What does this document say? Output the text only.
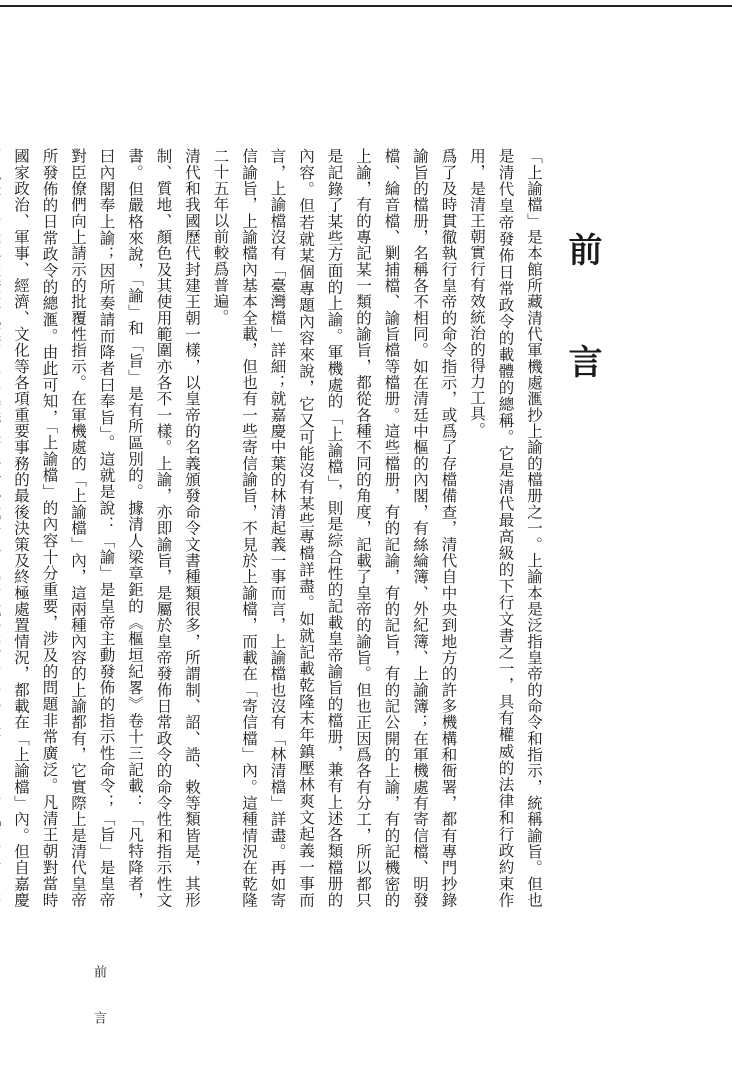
前　言

「上諭檔」是本館所藏清代軍機處滙抄上諭的檔册之一。上諭本是泛指皇帝的命令和指示，統稱諭旨。但也是清代皇帝發佈日常政令的載體的總稱。它是清代最高級的下行文書之一，具有權威的法律和行政約束作用，是清王朝實行有效統治的得力工具。

爲了及時貫徹執行皇帝的命令指示，或爲了存檔備查，清代自中央到地方的許多機構和衙署，都有專門抄錄諭旨的檔册，名稱各不相同。如在清廷中樞的內閣，有絲綸簿、外紀簿、上諭簿；在軍機處有寄信檔、明發檔、綸音檔、剿捕檔、諭旨檔等檔册。這些檔册，有的記諭，有的記旨，有的記公開的上諭，有的記機密的上諭，有的專記某一類的諭旨，都從各種不同的角度，記載了皇帝的諭旨。但也正因爲各有分工，所以都只是記錄了某些方面的上諭。軍機處的「上諭檔」，則是綜合性的記載皇帝諭旨的檔册，兼有上述各類檔册的內容。但若就某個專題內容來說，它又可能沒有某些專檔詳盡。如就記載乾隆末年鎮壓林爽文起義一事而言，上諭檔沒有「臺灣檔」詳細；就嘉慶中葉的林清起義一事而言，上諭檔也沒有「林清檔」詳盡。再如寄信諭旨，上諭檔內基本全載，但也有一些寄信諭旨，不見於上諭檔，而載在「寄信檔」內。這種情況在乾隆二十五年以前較爲普遍。

清代和我國歷代封建王朝一樣，以皇帝的名義頒發命令文書種類很多，所謂制、詔、誥、敕等類皆是，其形制、質地、顏色及其使用範圍亦各不一樣。上諭，亦即諭旨，是屬於皇帝發佈日常政令的命令性和指示性文書。但嚴格來說，「諭」和「旨」是有所區別的。據清人梁章鉅的《樞垣紀畧》卷十三記載：「凡特降者，曰內閣奉上諭；因所奏請而降者曰奉旨」。這就是說：「諭」是皇帝主動發佈的指示性命令；「旨」是皇帝對臣僚們向上請示的批覆性指示。在軍機處的「上諭檔」內，這兩種內容的上諭都有，它實際上是清代皇帝所發佈的日常政令的總滙。由此可知，「上諭檔」的內容十分重要，涉及的問題非常廣泛。凡清王朝對當時國家政治、軍事、經濟、文化等各項重要事務的最後決策及終極處置情況，都載在「上諭檔」內。但自嘉慶

前　言
